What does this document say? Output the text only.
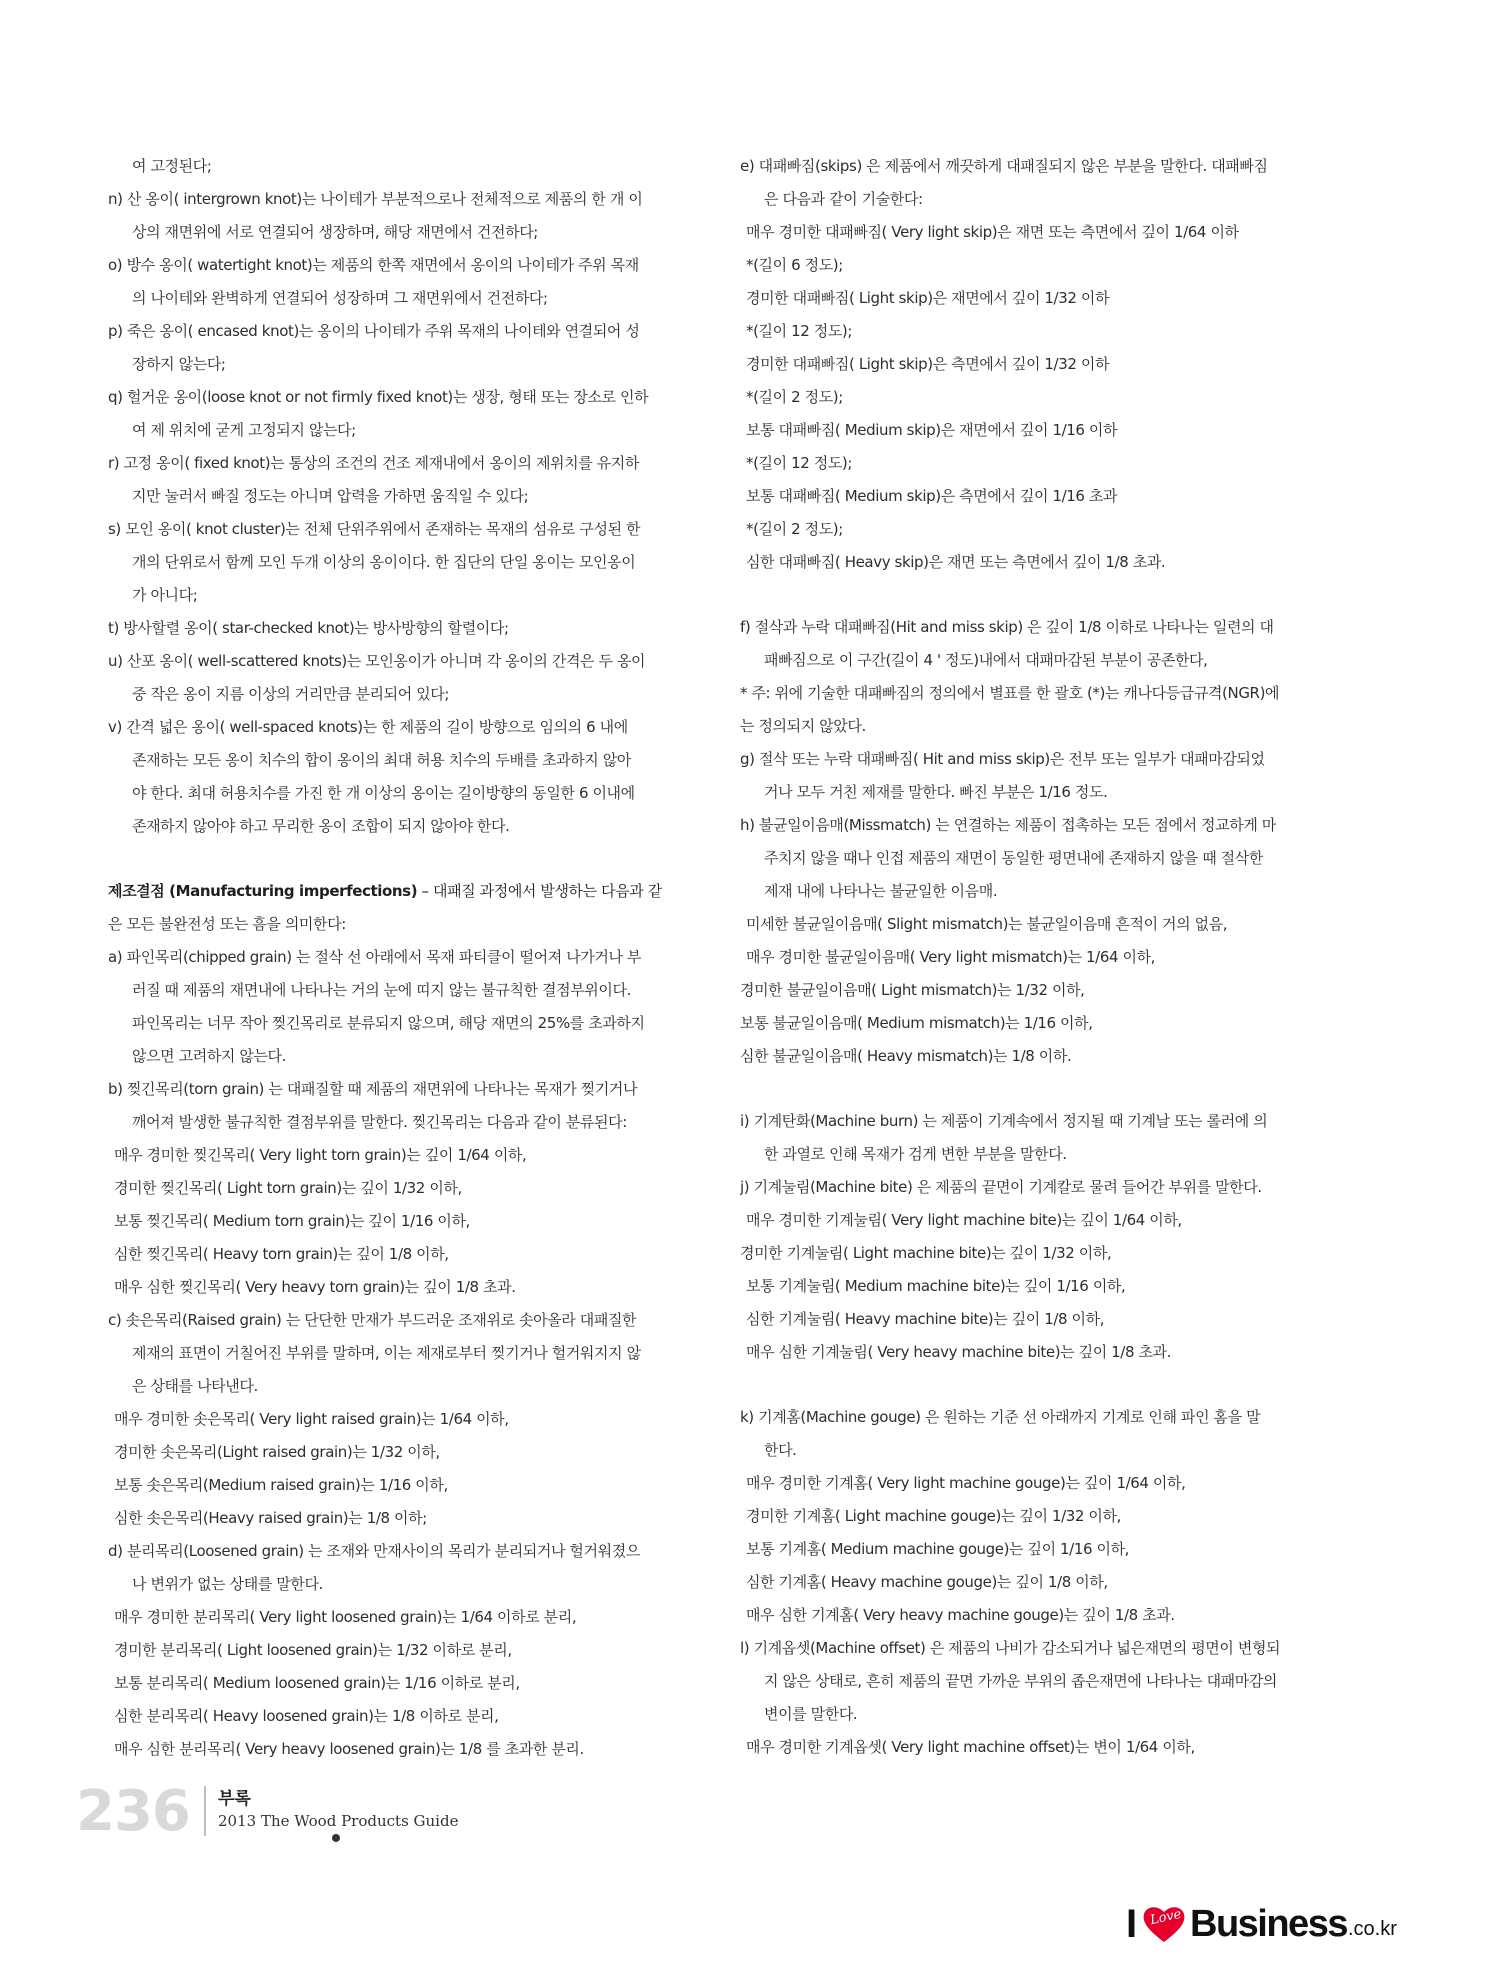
여 고정된다;
n) 산 옹이( intergrown knot)는 나이테가 부분적으로나 전체적으로 제품의 한 개 이
상의 재면위에 서로 연결되어 생장하며, 해당 재면에서 건전하다;
o) 방수 옹이( watertight knot)는 제품의 한쪽 재면에서 옹이의 나이테가 주위 목재
의 나이테와 완벽하게 연결되어 성장하며 그 재면위에서 건전하다;
p) 죽은 옹이( encased knot)는 옹이의 나이테가 주위 목재의 나이테와 연결되어 성
장하지 않는다;
q) 헐거운 옹이(loose knot or not firmly fixed knot)는 생장, 형태 또는 장소로 인하
여 제 위치에 굳게 고정되지 않는다;
r) 고정 옹이( fixed knot)는 통상의 조건의 건조 제재내에서 옹이의 제위치를 유지하
지만 눌러서 빠질 정도는 아니며 압력을 가하면 움직일 수 있다;
s) 모인 옹이( knot cluster)는 전체 단위주위에서 존재하는 목재의 섬유로 구성된 한
개의 단위로서 함께 모인 두개 이상의 옹이이다. 한 집단의 단일 옹이는 모인옹이
가 아니다;
t) 방사할렬 옹이( star-checked knot)는 방사방향의 할렬이다;
u) 산포 옹이( well-scattered knots)는 모인옹이가 아니며 각 옹이의 간격은 두 옹이
중 작은 옹이 지름 이상의 거리만큼 분리되어 있다;
v) 간격 넓은 옹이( well-spaced knots)는 한 제품의 길이 방향으로 임의의 6 내에
존재하는 모든 옹이 치수의 합이 옹이의 최대 허용 치수의 두배를 초과하지 않아
야 한다. 최대 허용치수를 가진 한 개 이상의 옹이는 길이방향의 동일한 6 이내에
존재하지 않아야 하고 무리한 옹이 조합이 되지 않아야 한다.
제조결점 (Manufacturing imperfections) – 대패질 과정에서 발생하는 다음과 같
은 모든 불완전성 또는 흠을 의미한다:
a) 파인목리(chipped grain) 는 절삭 선 아래에서 목재 파티클이 떨어져 나가거나 부
러질 때 제품의 재면내에 나타나는 거의 눈에 띠지 않는 불규칙한 결점부위이다.
파인목리는 너무 작아 찢긴목리로 분류되지 않으며, 해당 재면의 25%를 초과하지
않으면 고려하지 않는다.
b) 찢긴목리(torn grain) 는 대패질할 때 제품의 재면위에 나타나는 목재가 찢기거나
깨어져 발생한 불규칙한 결점부위를 말한다. 찢긴목리는 다음과 같이 분류된다:
매우 경미한 찢긴목리( Very light torn grain)는 깊이 1/64 이하,
경미한 찢긴목리( Light torn grain)는 깊이 1/32 이하,
보통 찢긴목리( Medium torn grain)는 깊이 1/16 이하,
심한 찢긴목리( Heavy torn grain)는 깊이 1/8 이하,
매우 심한 찢긴목리( Very heavy torn grain)는 깊이 1/8 초과.
c) 솟은목리(Raised grain) 는 단단한 만재가 부드러운 조재위로 솟아올라 대패질한
제재의 표면이 거칠어진 부위를 말하며, 이는 제재로부터 찢기거나 헐거워지지 않
은 상태를 나타낸다.
매우 경미한 솟은목리( Very light raised grain)는 1/64 이하,
경미한 솟은목리(Light raised grain)는 1/32 이하,
보통 솟은목리(Medium raised grain)는 1/16 이하,
심한 솟은목리(Heavy raised grain)는 1/8 이하;
d) 분리목리(Loosened grain) 는 조재와 만재사이의 목리가 분리되거나 헐거워졌으
나 변위가 없는 상태를 말한다.
매우 경미한 분리목리( Very light loosened grain)는 1/64 이하로 분리,
경미한 분리목리( Light loosened grain)는 1/32 이하로 분리,
보통 분리목리( Medium loosened grain)는 1/16 이하로 분리,
심한 분리목리( Heavy loosened grain)는 1/8 이하로 분리,
매우 심한 분리목리( Very heavy loosened grain)는 1/8 를 초과한 분리.
e) 대패빠짐(skips) 은 제품에서 깨끗하게 대패질되지 않은 부분을 말한다. 대패빠짐
은 다음과 같이 기술한다:
매우 경미한 대패빠짐( Very light skip)은 재면 또는 측면에서 깊이 1/64 이하
*(길이 6 정도);
경미한 대패빠짐( Light skip)은 재면에서 깊이 1/32 이하
*(길이 12 정도);
경미한 대패빠짐( Light skip)은 측면에서 깊이 1/32 이하
*(길이 2 정도);
보통 대패빠짐( Medium skip)은 재면에서 깊이 1/16 이하
*(길이 12 정도);
보통 대패빠짐( Medium skip)은 측면에서 깊이 1/16 초과
*(길이 2 정도);
심한 대패빠짐( Heavy skip)은 재면 또는 측면에서 깊이 1/8 초과.
f) 절삭과 누락 대패빠짐(Hit and miss skip) 은 깊이 1/8 이하로 나타나는 일련의 대
패빠짐으로 이 구간(길이 4 ' 정도)내에서 대패마감된 부분이 공존한다,
* 주: 위에 기술한 대패빠짐의 정의에서 별표를 한 괄호 (*)는 캐나다등급규격(NGR)에
는 정의되지 않았다.
g) 절삭 또는 누락 대패빠짐( Hit and miss skip)은 전부 또는 일부가 대패마감되었
거나 모두 거친 제재를 말한다. 빠진 부분은 1/16 정도.
h) 불균일이음매(Missmatch) 는 연결하는 제품이 접촉하는 모든 점에서 정교하게 마
주치지 않을 때나 인접 제품의 재면이 동일한 평면내에 존재하지 않을 때 절삭한
제재 내에 나타나는 불균일한 이음매.
미세한 불균일이음매( Slight mismatch)는 불균일이음매 흔적이 거의 없음,
매우 경미한 불균일이음매( Very light mismatch)는 1/64 이하,
경미한 불균일이음매( Light mismatch)는 1/32 이하,
보통 불균일이음매( Medium mismatch)는 1/16 이하,
심한 불균일이음매( Heavy mismatch)는 1/8 이하.
i) 기계탄화(Machine burn) 는 제품이 기계속에서 정지될 때 기계날 또는 롤러에 의
한 과열로 인해 목재가 검게 변한 부분을 말한다.
j) 기계눌림(Machine bite) 은 제품의 끝면이 기계칼로 물려 들어간 부위를 말한다.
매우 경미한 기계눌림( Very light machine bite)는 깊이 1/64 이하,
경미한 기계눌림( Light machine bite)는 깊이 1/32 이하,
보통 기계눌림( Medium machine bite)는 깊이 1/16 이하,
심한 기계눌림( Heavy machine bite)는 깊이 1/8 이하,
매우 심한 기계눌림( Very heavy machine bite)는 깊이 1/8 초과.
k) 기계홈(Machine gouge) 은 원하는 기준 선 아래까지 기계로 인해 파인 홈을 말
한다.
매우 경미한 기계홈( Very light machine gouge)는 깊이 1/64 이하,
경미한 기계홈( Light machine gouge)는 깊이 1/32 이하,
보통 기계홈( Medium machine gouge)는 깊이 1/16 이하,
심한 기계홈( Heavy machine gouge)는 깊이 1/8 이하,
매우 심한 기계홈( Very heavy machine gouge)는 깊이 1/8 초과.
l) 기계옵셋(Machine offset) 은 제품의 나비가 감소되거나 넓은재면의 평면이 변형되
지 않은 상태로, 흔히 제품의 끝면 가까운 부위의 좁은재면에 나타나는 대패마감의
변이를 말한다.
매우 경미한 기계옵셋( Very light machine offset)는 변이 1/64 이하,
236 부록
2013 The Wood Products Guide
I Love Business .co.kr
